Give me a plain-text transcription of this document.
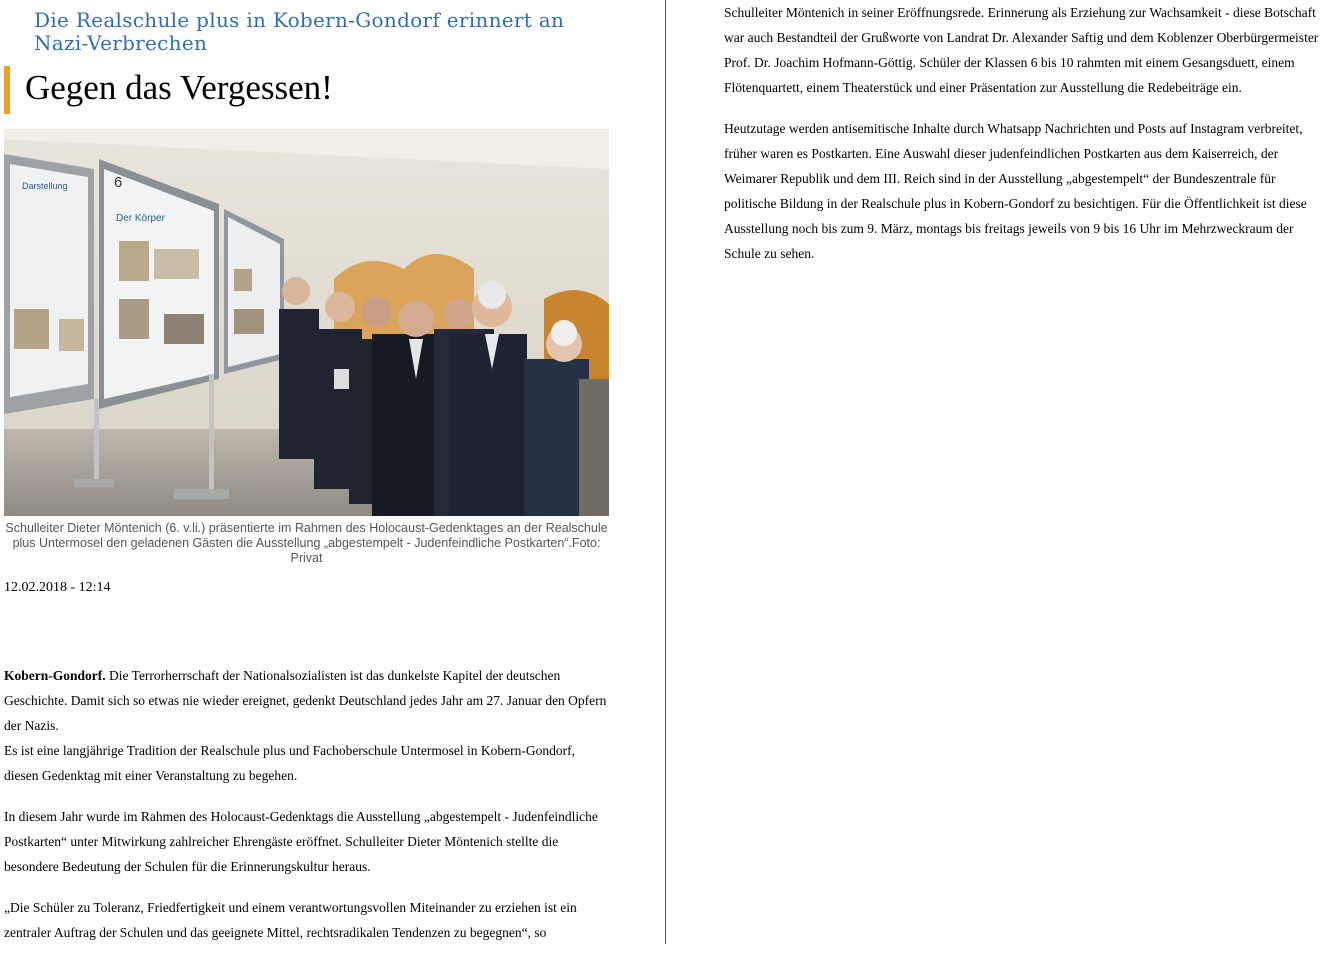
Die Realschule plus in Kobern-Gondorf erinnert an Nazi-Verbrechen
Gegen das Vergessen!
6
Der Körper
Darstellung
Schulleiter Dieter Möntenich (6. v.li.) präsentierte im Rahmen des Holocaust-Gedenktages an der Realschule plus Untermosel den geladenen Gästen die Ausstellung „abgestempelt - Judenfeindliche Postkarten“.Foto: Privat
12.02.2018 - 12:14

Kobern-Gondorf. Die Terrorherrschaft der Nationalsozialisten ist das dunkelste Kapitel der deutschen Geschichte. Damit sich so etwas nie wieder ereignet, gedenkt Deutschland jedes Jahr am 27. Januar den Opfern der Nazis.
Es ist eine langjährige Tradition der Realschule plus und Fachoberschule Untermosel in Kobern-Gondorf, diesen Gedenktag mit einer Veranstaltung zu begehen.

In diesem Jahr wurde im Rahmen des Holocaust-Gedenktags die Ausstellung „abgestempelt - Judenfeindliche Postkarten“ unter Mitwirkung zahlreicher Ehrengäste eröffnet. Schulleiter Dieter Möntenich stellte die besondere Bedeutung der Schulen für die Erinnerungskultur heraus.

„Die Schüler zu Toleranz, Friedfertigkeit und einem verantwortungsvollen Miteinander zu erziehen ist ein zentraler Auftrag der Schulen und das geeignete Mittel, rechtsradikalen Tendenzen zu begegnen“, so

Schulleiter Möntenich in seiner Eröffnungsrede. Erinnerung als Erziehung zur Wachsamkeit - diese Botschaft war auch Bestandteil der Grußworte von Landrat Dr. Alexander Saftig und dem Koblenzer Oberbürgermeister Prof. Dr. Joachim Hofmann-Göttig. Schüler der Klassen 6 bis 10 rahmten mit einem Gesangsduett, einem Flötenquartett, einem Theaterstück und einer Präsentation zur Ausstellung die Redebeiträge ein.

Heutzutage werden antisemitische Inhalte durch Whatsapp Nachrichten und Posts auf Instagram verbreitet, früher waren es Postkarten. Eine Auswahl dieser judenfeindlichen Postkarten aus dem Kaiserreich, der Weimarer Republik und dem III. Reich sind in der Ausstellung „abgestempelt“ der Bundeszentrale für politische Bildung in der Realschule plus in Kobern-Gondorf zu besichtigen. Für die Öffentlichkeit ist diese Ausstellung noch bis zum 9. März, montags bis freitags jeweils von 9 bis 16 Uhr im Mehrzweckraum der Schule zu sehen.
